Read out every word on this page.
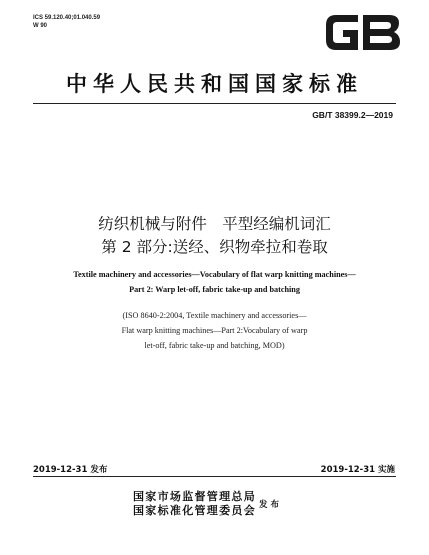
ICS 59.120.40;01.040.59
W 90
中华人民共和国国家标准
GB/T 38399.2—2019
纺织机械与附件　平型经编机词汇
第 2 部分:送经、织物牵拉和卷取
Textile machinery and accessories—Vocabulary of flat warp knitting machines—
Part 2: Warp let-off, fabric take-up and batching
(ISO 8640-2:2004, Textile machinery and accessories—
Flat warp knitting machines—Part 2:Vocabulary of warp
let-off, fabric take-up and batching, MOD)
2019-12-31 发布	2019-12-31 实施
国家市场监督管理总局
国家标准化管理委员会 发布
